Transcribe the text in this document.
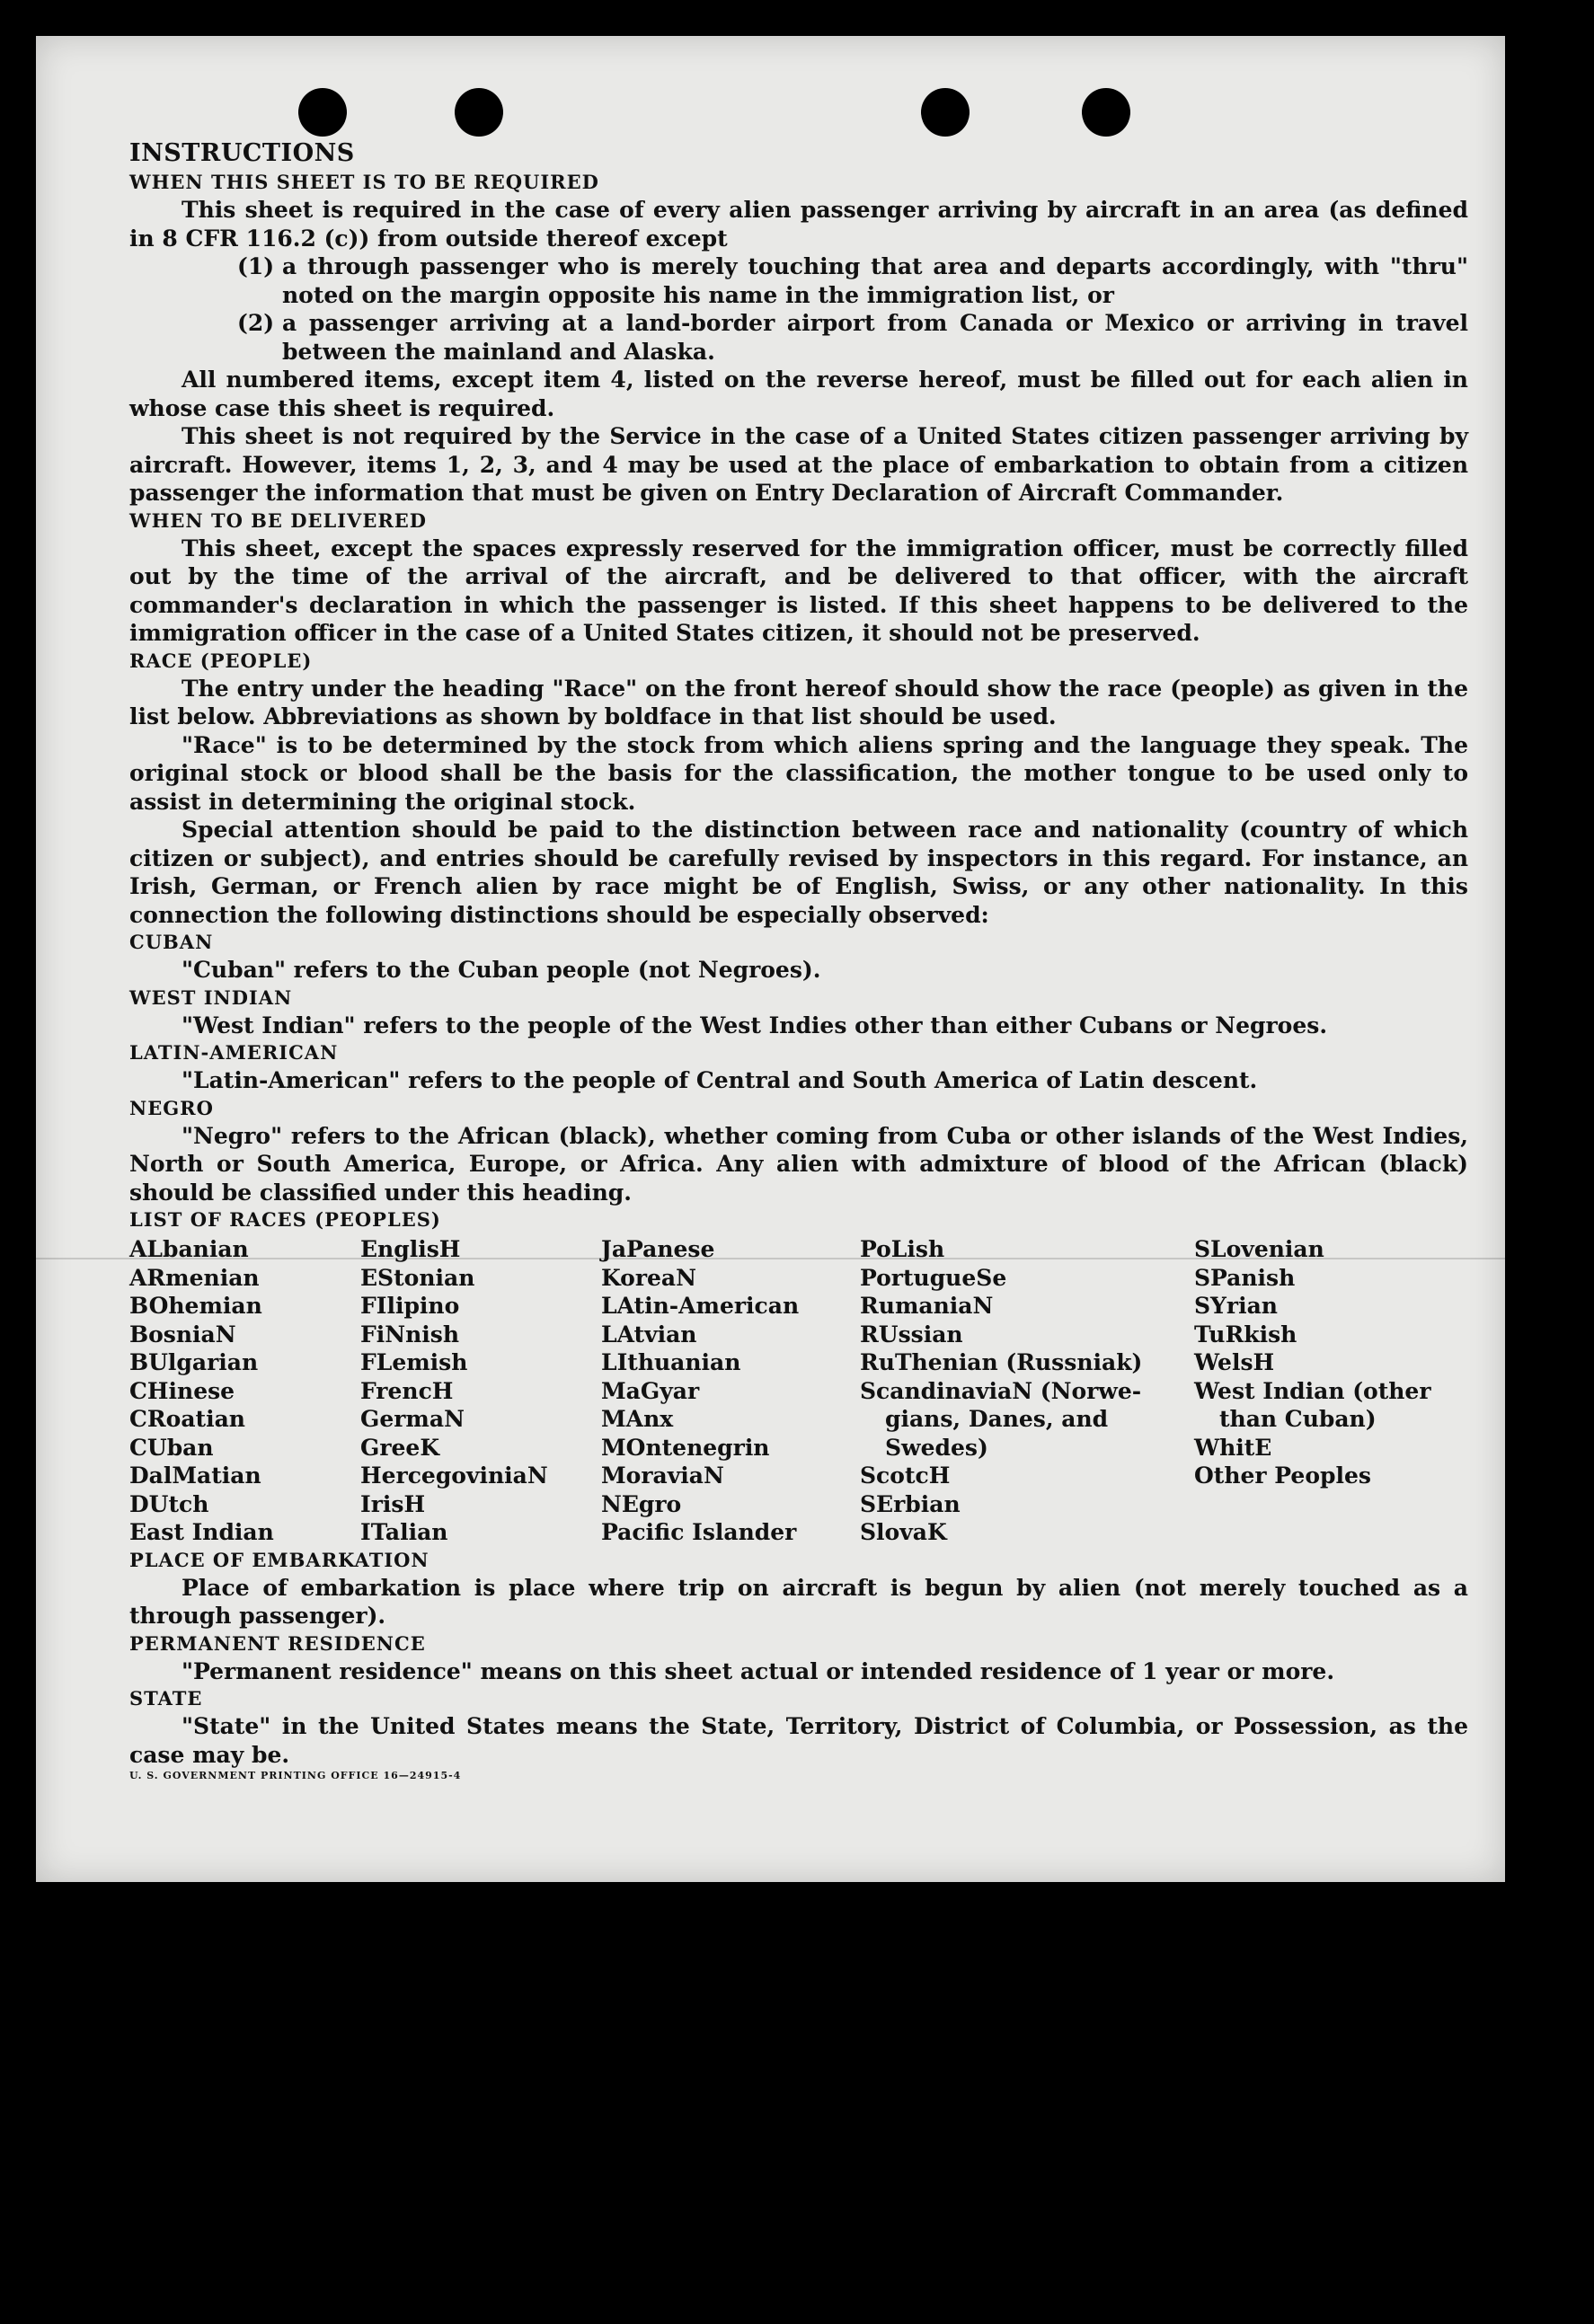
INSTRUCTIONS

WHEN THIS SHEET IS TO BE REQUIRED

This sheet is required in the case of every alien passenger arriving by aircraft in an area (as defined in 8 CFR 116.2 (c)) from outside thereof except

(1) a through passenger who is merely touching that area and departs accordingly, with "thru" noted on the margin opposite his name in the immigration list, or
(2) a passenger arriving at a land-border airport from Canada or Mexico or arriving in travel between the mainland and Alaska.

All numbered items, except item 4, listed on the reverse hereof, must be filled out for each alien in whose case this sheet is required.

This sheet is not required by the Service in the case of a United States citizen passenger arriving by aircraft. However, items 1, 2, 3, and 4 may be used at the place of embarkation to obtain from a citizen passenger the information that must be given on Entry Declaration of Aircraft Commander.

WHEN TO BE DELIVERED

This sheet, except the spaces expressly reserved for the immigration officer, must be correctly filled out by the time of the arrival of the aircraft, and be delivered to that officer, with the aircraft commander's declaration in which the passenger is listed. If this sheet happens to be delivered to the immigration officer in the case of a United States citizen, it should not be preserved.

RACE (PEOPLE)

The entry under the heading "Race" on the front hereof should show the race (people) as given in the list below. Abbreviations as shown by boldface in that list should be used.

"Race" is to be determined by the stock from which aliens spring and the language they speak. The original stock or blood shall be the basis for the classification, the mother tongue to be used only to assist in determining the original stock.

Special attention should be paid to the distinction between race and nationality (country of which citizen or subject), and entries should be carefully revised by inspectors in this regard. For instance, an Irish, German, or French alien by race might be of English, Swiss, or any other nationality. In this connection the following distinctions should be especially observed:

CUBAN

"Cuban" refers to the Cuban people (not Negroes).

WEST INDIAN

"West Indian" refers to the people of the West Indies other than either Cubans or Negroes.

LATIN-AMERICAN

"Latin-American" refers to the people of Central and South America of Latin descent.

NEGRO

"Negro" refers to the African (black), whether coming from Cuba or other islands of the West Indies, North or South America, Europe, or Africa. Any alien with admixture of blood of the African (black) should be classified under this heading.

LIST OF RACES (PEOPLES)

ALbanian
ARmenian
BOhemian
BosniaN
BUlgarian
CHinese
CRoatian
CUban
DalMatian
DUtch
East Indian
EnglisH
EStonian
FIlipino
FiNnish
FLemish
FrencH
GermaN
GreeK
HercegoviniaN
IrisH
ITalian
JaPanese
KoreaN
LAtin-American
LAtvian
LIthuanian
MaGyar
MAnx
MOntenegrin
MoraviaN
NEgro
Pacific Islander
PoLish
PortugueSe
RumaniaN
RUssian
RuThenian (Russniak)
ScandinaviaN (Norwe-
gians, Danes, and
Swedes)
ScotcH
SErbian
SlovaK
SLovenian
SPanish
SYrian
TuRkish
WelsH
West Indian (other
than Cuban)
WhitE
Other Peoples

PLACE OF EMBARKATION

Place of embarkation is place where trip on aircraft is begun by alien (not merely touched as a through passenger).

PERMANENT RESIDENCE

"Permanent residence" means on this sheet actual or intended residence of 1 year or more.

STATE

"State" in the United States means the State, Territory, District of Columbia, or Possession, as the case may be.

U. S. GOVERNMENT PRINTING OFFICE 16—24915-4
